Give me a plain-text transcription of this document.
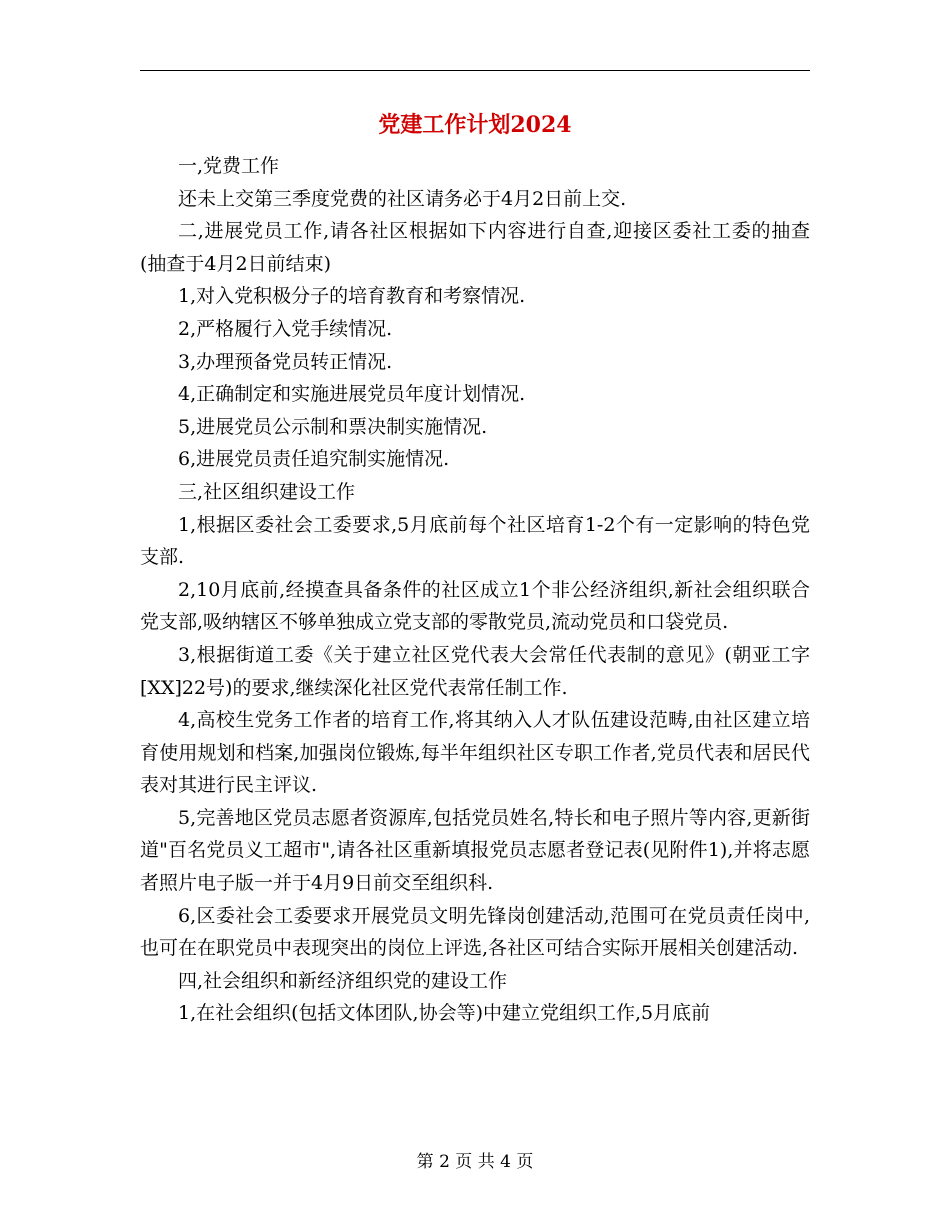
党建工作计划2024

一,党费工作

还未上交第三季度党费的社区请务必于4月2日前上交.

二,进展党员工作,请各社区根据如下内容进行自查,迎接区委社工委的抽查(抽查于4月2日前结束)

1,对入党积极分子的培育教育和考察情况.

2,严格履行入党手续情况.

3,办理预备党员转正情况.

4,正确制定和实施进展党员年度计划情况.

5,进展党员公示制和票决制实施情况.

6,进展党员责任追究制实施情况.

三,社区组织建设工作

1,根据区委社会工委要求,5月底前每个社区培育1-2个有一定影响的特色党支部.

2,10月底前,经摸查具备条件的社区成立1个非公经济组织,新社会组织联合党支部,吸纳辖区不够单独成立党支部的零散党员,流动党员和口袋党员.

3,根据街道工委《关于建立社区党代表大会常任代表制的意见》(朝亚工字[XX]22号)的要求,继续深化社区党代表常任制工作.

4,高校生党务工作者的培育工作,将其纳入人才队伍建设范畴,由社区建立培育使用规划和档案,加强岗位锻炼,每半年组织社区专职工作者,党员代表和居民代表对其进行民主评议.

5,完善地区党员志愿者资源库,包括党员姓名,特长和电子照片等内容,更新街道"百名党员义工超市",请各社区重新填报党员志愿者登记表(见附件1),并将志愿者照片电子版一并于4月9日前交至组织科.

6,区委社会工委要求开展党员文明先锋岗创建活动,范围可在党员责任岗中,也可在在职党员中表现突出的岗位上评选,各社区可结合实际开展相关创建活动.

四,社会组织和新经济组织党的建设工作

1,在社会组织(包括文体团队,协会等)中建立党组织工作,5月底前

第 2 页 共 4 页
